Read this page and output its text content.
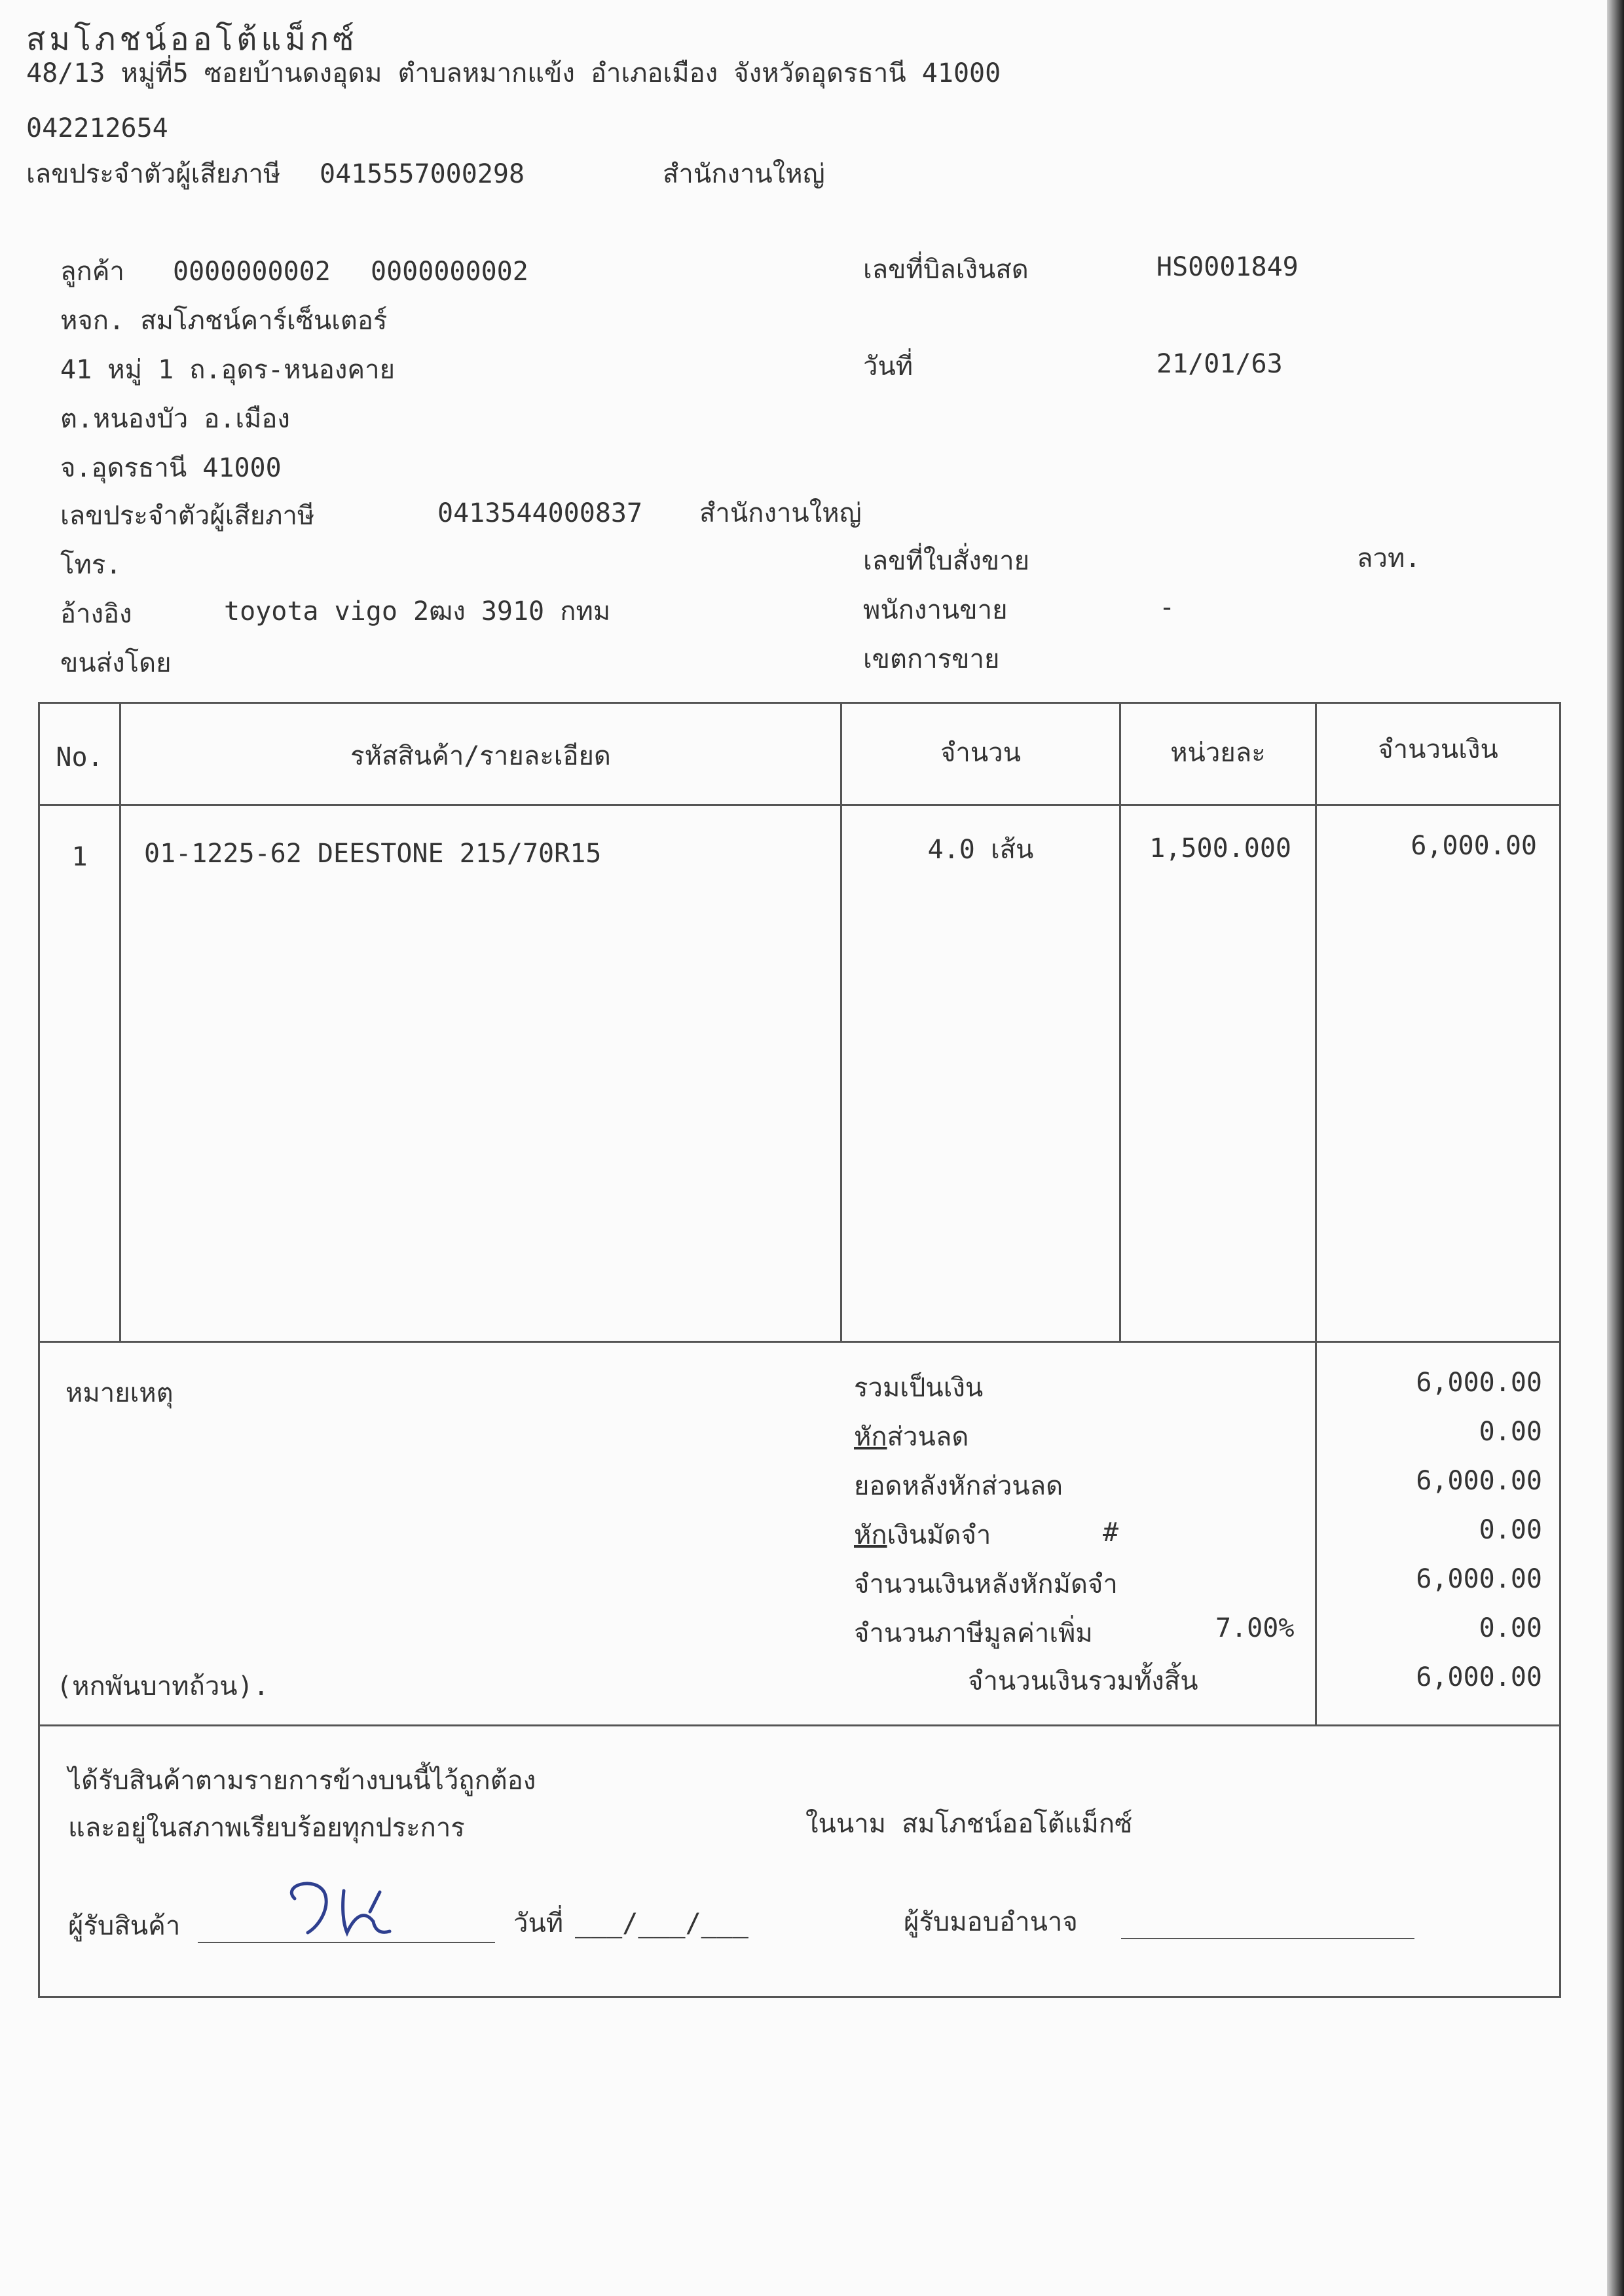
สมโภชน์ออโต้แม็กซ์
48/13 หมู่ที่5 ซอยบ้านดงอุดม ตำบลหมากแข้ง อำเภอเมือง จังหวัดอุดรธานี 41000
042212654
เลขประจำตัวผู้เสียภาษี 0415557000298	สำนักงานใหญ่
ลูกค้า 0000000002 0000000002
หจก. สมโภชน์คาร์เซ็นเตอร์
41 หมู่ 1 ถ.อุดร-หนองคาย
ต.หนองบัว อ.เมือง
จ.อุดรธานี 41000
เลขประจำตัวผู้เสียภาษี	0413544000837 สำนักงานใหญ่
โทร.
อ้างอิง	toyota vigo 2ฒง 3910 กทม
ขนส่งโดย
เลขที่บิลเงินสด	HS0001849
วันที่	21/01/63
เลขที่ใบสั่งขาย	ลวท.
พนักงานขาย	-
เขตการขาย
No.	รหัสสินค้า/รายละเอียด	จำนวน	หน่วยละ	จำนวนเงิน
1	01-1225-62 DEESTONE 215/70R15	4.0 เส้น	1,500.000	6,000.00
หมายเหตุ	รวมเป็นเงิน	6,000.00
หักส่วนลด	0.00
ยอดหลังหักส่วนลด	6,000.00
หักเงินมัดจำ	#	0.00
จำนวนเงินหลังหักมัดจำ	6,000.00
จำนวนภาษีมูลค่าเพิ่ม	7.00%	0.00
(หกพันบาทถ้วน).	จำนวนเงินรวมทั้งสิ้น	6,000.00
ได้รับสินค้าตามรายการข้างบนนี้ไว้ถูกต้อง
และอยู่ในสภาพเรียบร้อยทุกประการ	ในนาม สมโภชน์ออโต้แม็กซ์
ผู้รับสินค้า	วันที่ ___/___/___	ผู้รับมอบอำนาจ
